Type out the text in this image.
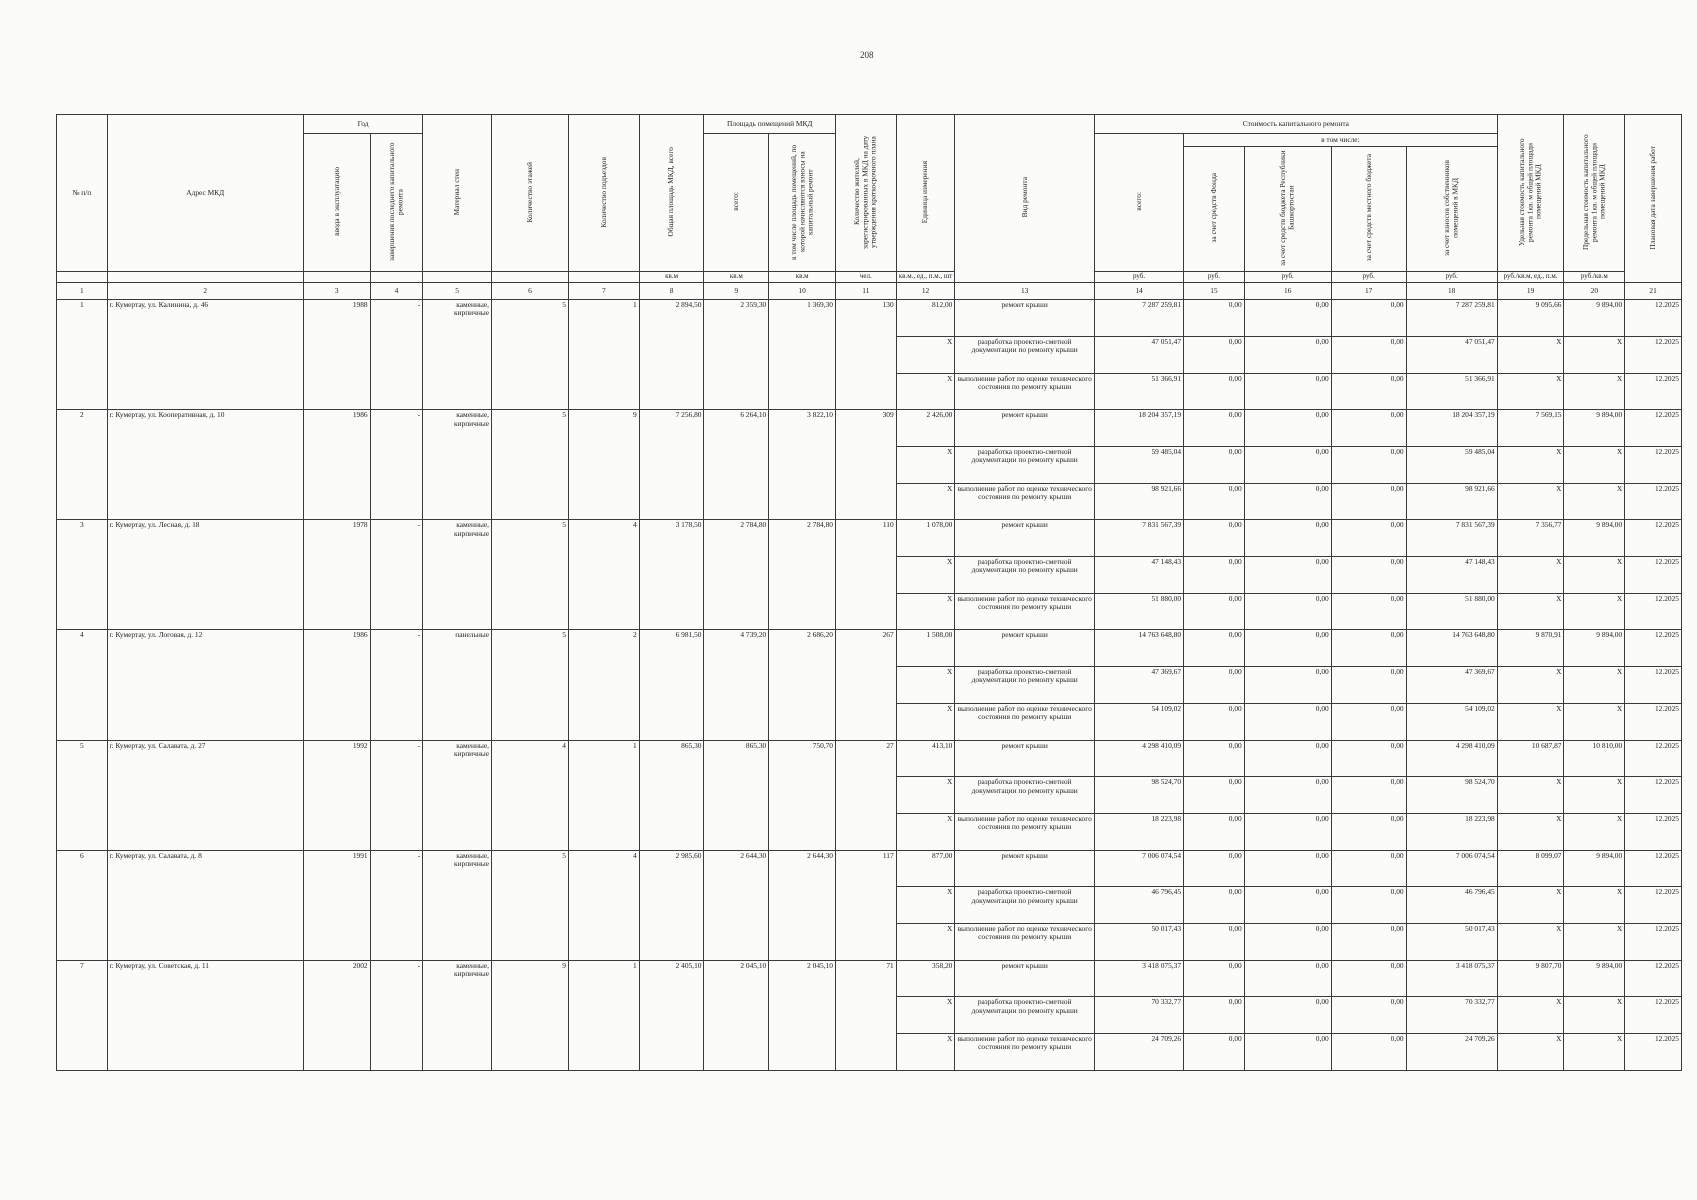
208
№ п/п	Адрес МКД	Год		Материал стен	Количество этажей	Количество подъездов	Общая площадь МКД, всего	Площадь помещений МКД		Количество жителей, зарегистрированных в МКД на дату утверждения краткосрочного плана	Единица измерения	Вид ремонта	Стоимость капитального ремонта					Удельная стоимость капитального ремонта 1кв. м общей площади помещений МКД	Предельная стоимость капитального ремонта 1кв. м общей площади помещений МКД	Плановая дата завершения работ
		ввода в эксплуатацию	завершения последнего капитального ремонта					всего:	в том числе площадь помещений, по которой начисляются взносы на капитальный ремонт				всего:	в том числе:						
														за счет средств Фонда	за счет средств бюджета Республики Башкортостан	за счет средств местного бюджета	за счет взносов собственников помещений в МКД			
							кв.м	кв.м	кв.м	чел.	кв.м., ед., п.м., шт		руб.	руб.	руб.	руб.	руб.	руб./кв.м, ед., п.м.	руб./кв.м	
1	2	3	4	5	6	7	8	9	10	11	12	13	14	15	16	17	18	19	20	21
1	г. Кумертау, ул. Калинина, д. 46	1988	-	каменные, кирпичные	5	1	2 894,50	2 359,30	1 369,30	130	812,00	ремонт крыши	7 287 259,81	0,00	0,00	0,00	7 287 259,81	9 095,66	9 894,00	12.2025
											Х	разработка проектно-сметной документации по ремонту крыши	47 051,47	0,00	0,00	0,00	47 051,47	Х	Х	12.2025
											Х	выполнение работ по оценке технического состояния по ремонту крыши	51 366,91	0,00	0,00	0,00	51 366,91	Х	Х	12.2025
2	г. Кумертау, ул. Кооперативная, д. 10	1986	-	каменные, кирпичные	5	9	7 256,80	6 264,10	3 822,10	309	2 426,00	ремонт крыши	18 204 357,19	0,00	0,00	0,00	18 204 357,19	7 569,15	9 894,00	12.2025
											Х	разработка проектно-сметной документации по ремонту крыши	59 485,04	0,00	0,00	0,00	59 485,04	Х	Х	12.2025
											Х	выполнение работ по оценке технического состояния по ремонту крыши	98 921,66	0,00	0,00	0,00	98 921,66	Х	Х	12.2025
3	г. Кумертау, ул. Лесная, д. 18	1978	-	каменные, кирпичные	5	4	3 178,50	2 784,80	2 784,80	110	1 078,00	ремонт крыши	7 831 567,39	0,00	0,00	0,00	7 831 567,39	7 356,77	9 894,00	12.2025
											Х	разработка проектно-сметной документации по ремонту крыши	47 148,43	0,00	0,00	0,00	47 148,43	Х	Х	12.2025
											Х	выполнение работ по оценке технического состояния по ремонту крыши	51 880,00	0,00	0,00	0,00	51 880,00	Х	Х	12.2025
4	г. Кумертау, ул. Логовая, д. 12	1986	-	панельные	5	2	6 981,50	4 739,20	2 686,20	267	1 508,00	ремонт крыши	14 763 648,80	0,00	0,00	0,00	14 763 648,80	9 870,91	9 894,00	12.2025
											Х	разработка проектно-сметной документации по ремонту крыши	47 369,67	0,00	0,00	0,00	47 369,67	Х	Х	12.2025
											Х	выполнение работ по оценке технического состояния по ремонту крыши	54 109,02	0,00	0,00	0,00	54 109,02	Х	Х	12.2025
5	г. Кумертау, ул. Салавата, д. 27	1992	-	каменные, кирпичные	4	1	865,30	865,30	750,70	27	413,10	ремонт крыши	4 298 410,09	0,00	0,00	0,00	4 298 410,09	10 687,87	10 810,00	12.2025
											Х	разработка проектно-сметной документации по ремонту крыши	98 524,70	0,00	0,00	0,00	98 524,70	Х	Х	12.2025
											Х	выполнение работ по оценке технического состояния по ремонту крыши	18 223,98	0,00	0,00	0,00	18 223,98	Х	Х	12.2025
6	г. Кумертау, ул. Салавата, д. 8	1991	-	каменные, кирпичные	5	4	2 985,60	2 644,30	2 644,30	117	877,00	ремонт крыши	7 006 074,54	0,00	0,00	0,00	7 006 074,54	8 099,07	9 894,00	12.2025
											Х	разработка проектно-сметной документации по ремонту крыши	46 796,45	0,00	0,00	0,00	46 796,45	Х	Х	12.2025
											Х	выполнение работ по оценке технического состояния по ремонту крыши	50 017,43	0,00	0,00	0,00	50 017,43	Х	Х	12.2025
7	г. Кумертау, ул. Советская, д. 11	2002	-	каменные, кирпичные	9	1	2 405,10	2 045,10	2 045,10	71	358,20	ремонт крыши	3 418 075,37	0,00	0,00	0,00	3 418 075,37	9 807,70	9 894,00	12.2025
											Х	разработка проектно-сметной документации по ремонту крыши	70 332,77	0,00	0,00	0,00	70 332,77	Х	Х	12.2025
											Х	выполнение работ по оценке технического состояния по ремонту крыши	24 709,26	0,00	0,00	0,00	24 709,26	Х	Х	12.2025
